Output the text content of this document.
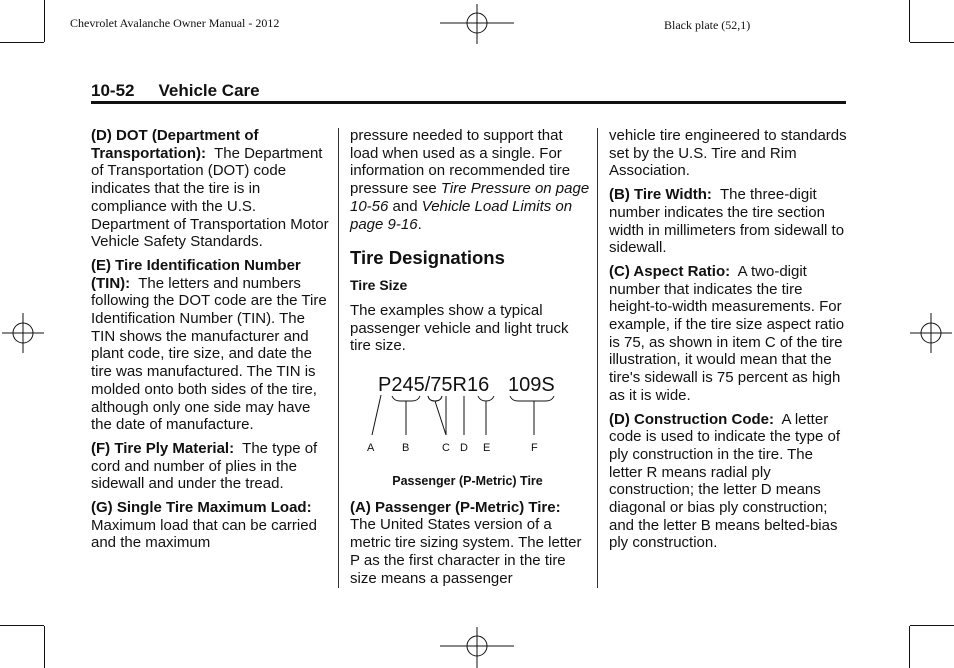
Chevrolet Avalanche Owner Manual - 2012	Black plate (52,1)
10-52 Vehicle Care

(D) DOT (Department of Transportation): The Department of Transportation (DOT) code indicates that the tire is in compliance with the U.S. Department of Transportation Motor Vehicle Safety Standards.

(E) Tire Identification Number (TIN): The letters and numbers following the DOT code are the Tire Identification Number (TIN). The TIN shows the manufacturer and plant code, tire size, and date the tire was manufactured. The TIN is molded onto both sides of the tire, although only one side may have the date of manufacture.

(F) Tire Ply Material: The type of cord and number of plies in the sidewall and under the tread.

(G) Single Tire Maximum Load:  Maximum load that can be carried and the maximum

pressure needed to support that load when used as a single. For information on recommended tire pressure see Tire Pressure on page 10-56 and Vehicle Load Limits on page 9-16.

Tire Designations
Tire Size

The examples show a typical passenger vehicle and light truck tire size.

P245/75R16 109S
A	B	C D E	F
Passenger (P-Metric) Tire

(A) Passenger (P-Metric) Tire: The United States version of a metric tire sizing system. The letter P as the first character in the tire size means a passenger

vehicle tire engineered to standards set by the U.S. Tire and Rim Association.

(B) Tire Width: The three-digit number indicates the tire section width in millimeters from sidewall to sidewall.

(C) Aspect Ratio: A two-digit number that indicates the tire height-to-width measurements. For example, if the tire size aspect ratio is 75, as shown in item C of the tire illustration, it would mean that the tire's sidewall is 75 percent as high as it is wide.

(D) Construction Code: A letter code is used to indicate the type of ply construction in the tire. The letter R means radial ply construction; the letter D means diagonal or bias ply construction; and the letter B means belted-bias ply construction.
